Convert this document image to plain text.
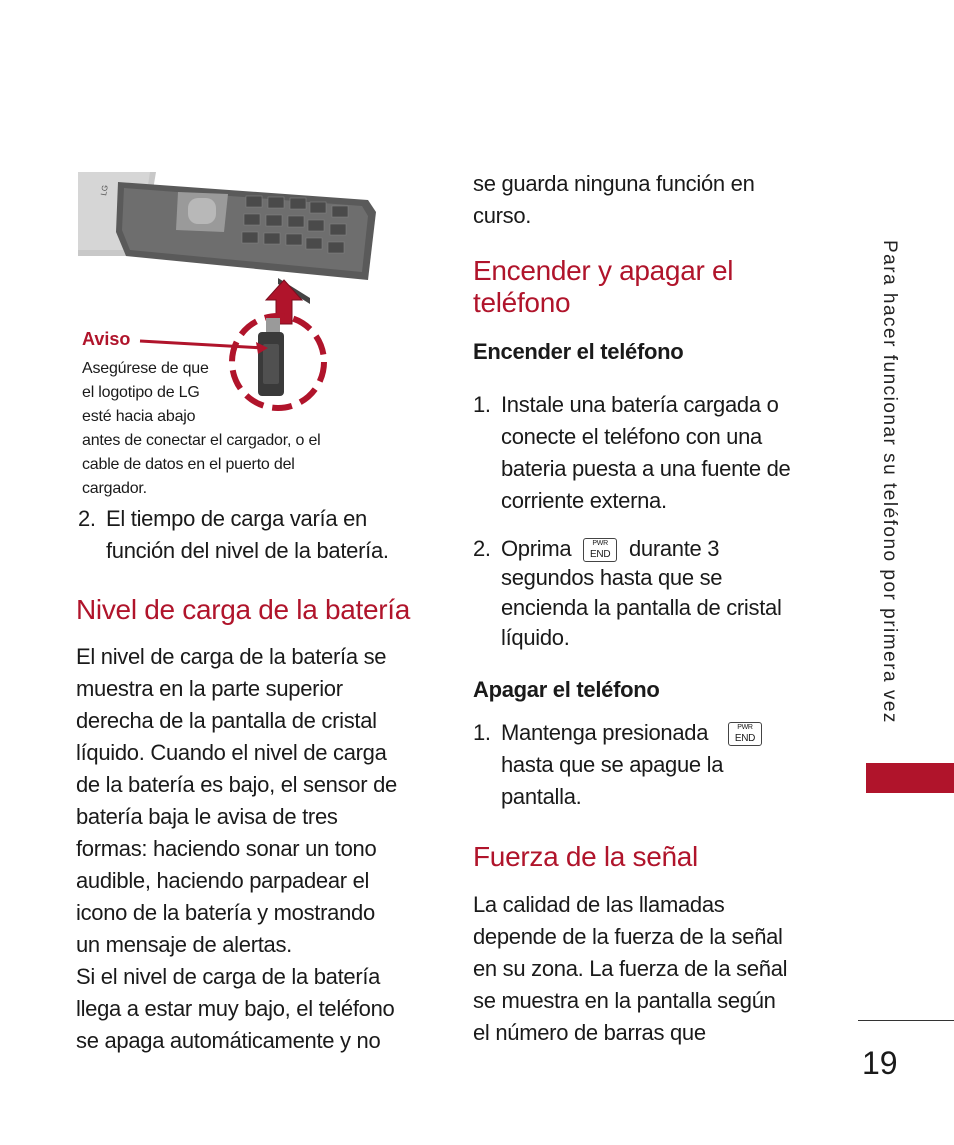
LG
Aviso
Asegúrese de que
el logotipo de LG
esté hacia abajo
antes de conectar el cargador, o el
cable de datos en el puerto del
cargador.
2. El tiempo de carga varía en
función del nivel de la batería.
Nivel de carga de la batería
El nivel de carga de la batería se
muestra en la parte superior
derecha de la pantalla de cristal
líquido. Cuando el nivel de carga
de la batería es bajo, el sensor de
batería baja le avisa de tres
formas: haciendo sonar un tono
audible, haciendo parpadear el
icono de la batería y mostrando
un mensaje de alertas.
Si el nivel de carga de la batería
llega a estar muy bajo, el teléfono
se apaga automáticamente y no
se guarda ninguna función en
curso.
Encender y apagar el
teléfono
Encender el teléfono
1. Instale una batería cargada o
conecte el teléfono con una
bateria puesta a una fuente de
corriente externa.
2. Oprima	PWR
END durante 3
segundos hasta que se
encienda la pantalla de cristal
líquido.
Apagar el teléfono
1. Mantenga presionada	PWR
END
hasta que se apague la
pantalla.
Fuerza de la señal
La calidad de las llamadas
depende de la fuerza de la señal
en su zona. La fuerza de la señal
se muestra en la pantalla según
el número de barras que
Para hacer funcionar su teléfono por primera vez
19
